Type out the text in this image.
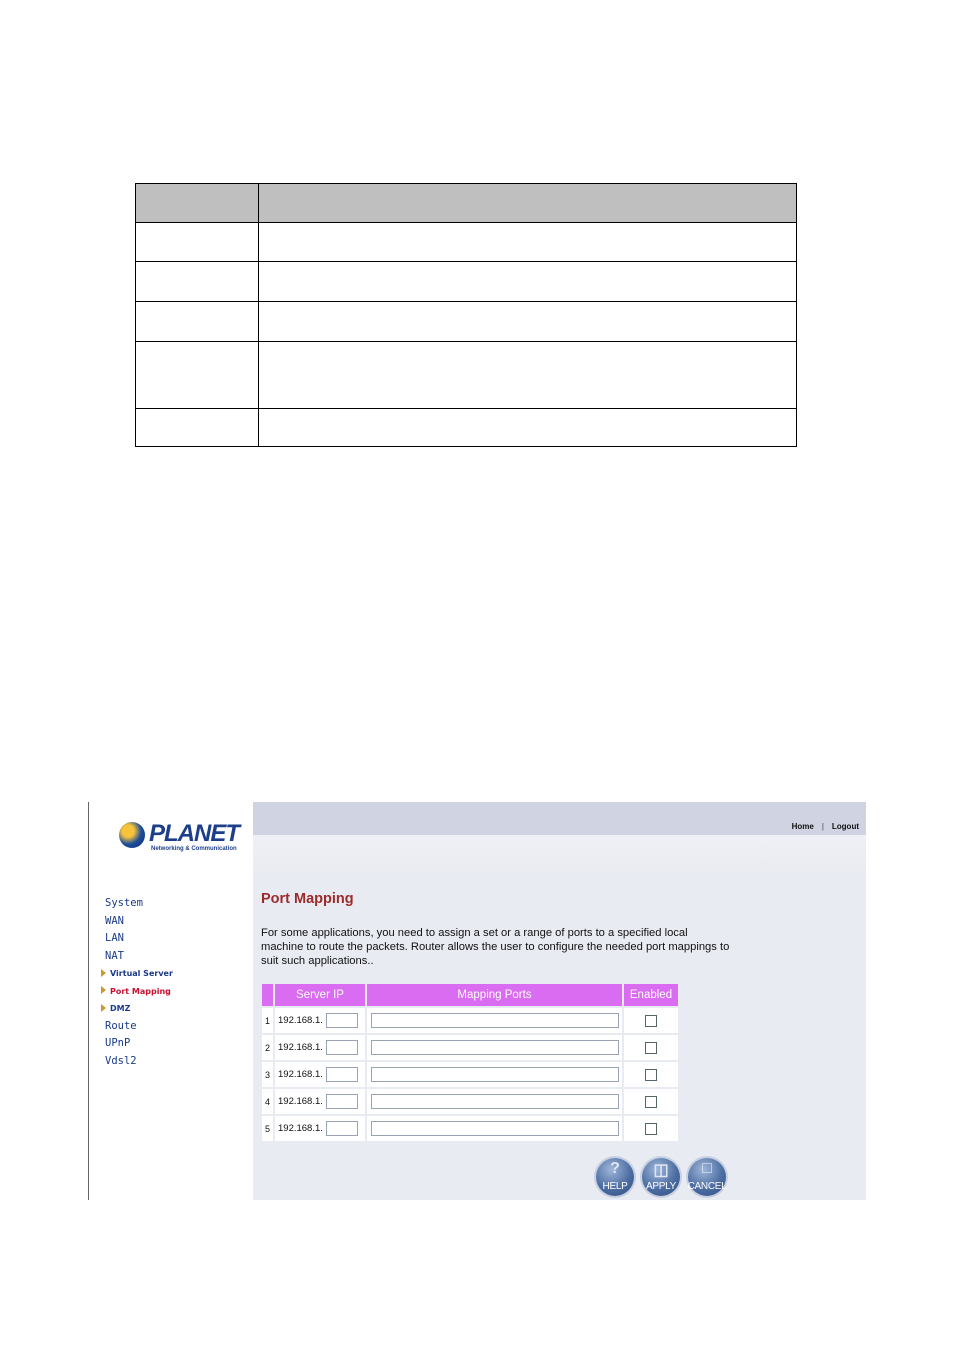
PLANET
Networking & Communication
System
WAN
LAN
NAT
Virtual Server
Port Mapping
DMZ
Route
UPnP
Vdsl2
Home | Logout
Port Mapping
For some applications, you need to assign a set or a range of ports to a specified local machine to route the packets. Router allows the user to configure the needed port mappings to suit such applications..
	Server IP	Mapping Ports	Enabled
1	192.168.1.

2	192.168.1.

3	192.168.1.

4	192.168.1.

5	192.168.1.

?
HELP
◫
APPLY
□
CANCEL
